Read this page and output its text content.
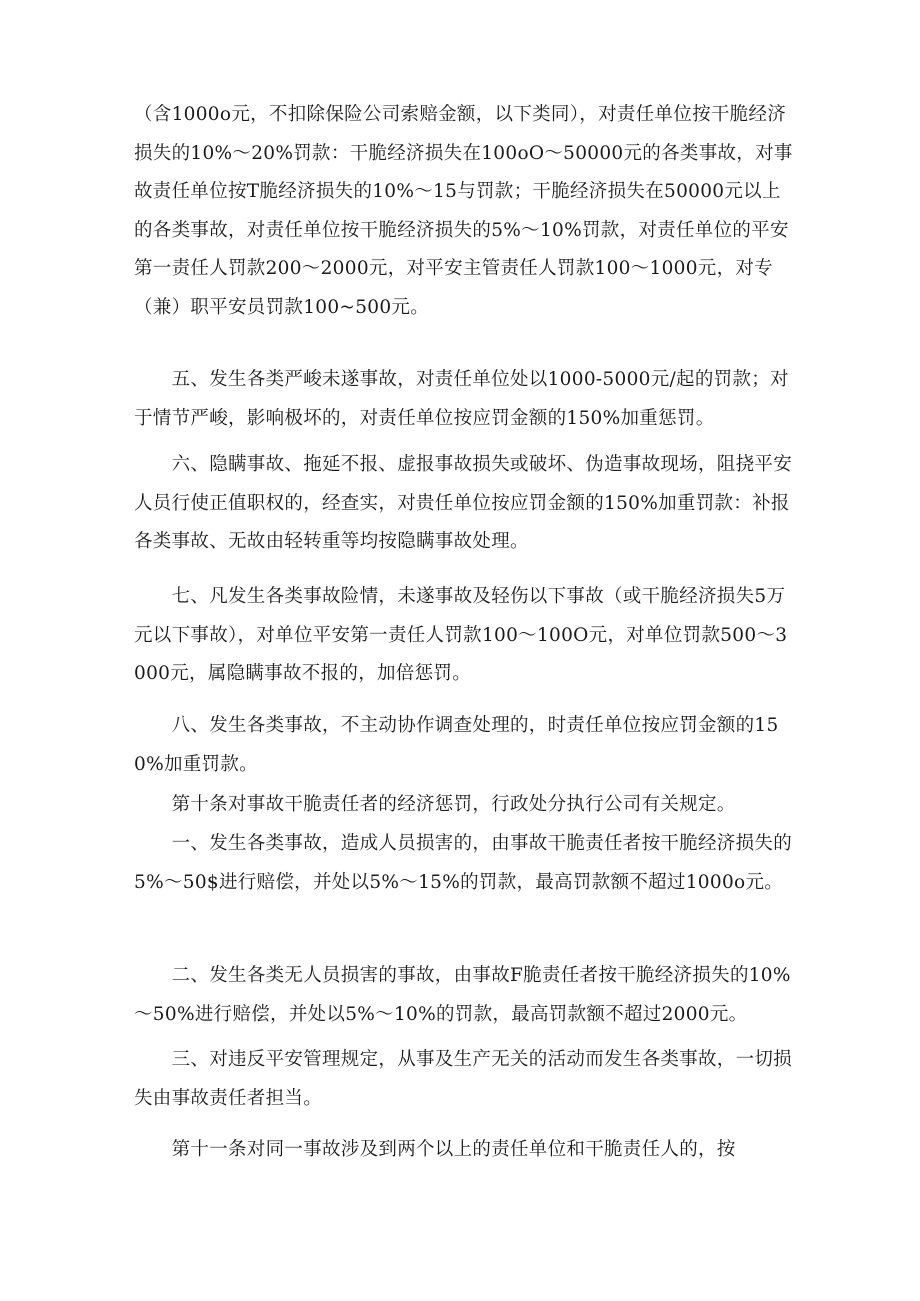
（含1000o元，不扣除保险公司索赔金额，以下类同），对责任单位按干脆经济损失的10%～20%罚款：干脆经济损失在100oO～50000元的各类事故，对事故责任单位按T脆经济损失的10%～15与罚款；干脆经济损失在50000元以上的各类事故，对责任单位按干脆经济损失的5%～10%罚款，对责任单位的平安第一责任人罚款200～2000元，对平安主管责任人罚款100～1000元，对专（兼）职平安员罚款100~500元。

　　五、发生各类严峻未遂事故，对责任单位处以1000-5000元/起的罚款；对于情节严峻，影响极坏的，对责任单位按应罚金额的150%加重惩罚。

　　六、隐瞒事故、拖延不报、虚报事故损失或破坏、伪造事故现场，阻挠平安人员行使正值职权的，经查实，对贵任单位按应罚金额的150%加重罚款：补报各类事故、无故由轻转重等均按隐瞒事故处理。

　　七、凡发生各类事故险情，未遂事故及轻伤以下事故（或干脆经济损失5万元以下事故），对单位平安第一责任人罚款100～100O元，对单位罚款500～3000元，属隐瞒事故不报的，加倍惩罚。

　　八、发生各类事故，不主动协作调查处理的，时责任单位按应罚金额的150%加重罚款。

　　第十条对事故干脆责任者的经济惩罚，行政处分执行公司有关规定。

　　一、发生各类事故，造成人员损害的，由事故干脆责任者按干脆经济损失的5%～50$进行赔偿，并处以5%～15%的罚款，最高罚款额不超过1000o元。

　　二、发生各类无人员损害的事故，由事故F脆责任者按干脆经济损失的10%～50%进行赔偿，并处以5%～10%的罚款，最高罚款额不超过2000元。

　　三、对违反平安管理规定，从事及生产无关的活动而发生各类事故，一切损失由事故责任者担当。

　　第十一条对同一事故涉及到两个以上的责任单位和干脆责任人的，按
